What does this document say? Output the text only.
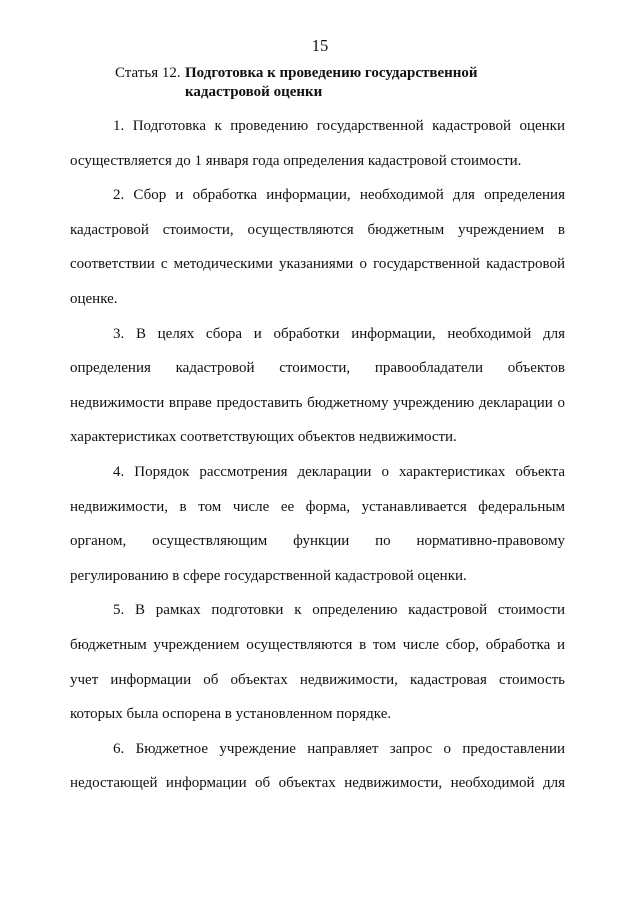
15
Статья 12. Подготовка к проведению государственной кадастровой оценки

1. Подготовка к проведению государственной кадастровой оценки осуществляется до 1 января года определения кадастровой стоимости.

2. Сбор и обработка информации, необходимой для определения кадастровой стоимости, осуществляются бюджетным учреждением в соответствии с методическими указаниями о государственной кадастровой оценке.

3. В целях сбора и обработки информации, необходимой для определения кадастровой стоимости, правообладатели объектов недвижимости вправе предоставить бюджетному учреждению декларации о характеристиках соответствующих объектов недвижимости.

4. Порядок рассмотрения декларации о характеристиках объекта недвижимости, в том числе ее форма, устанавливается федеральным органом, осуществляющим функции по нормативно-правовому регулированию в сфере государственной кадастровой оценки.

5. В рамках подготовки к определению кадастровой стоимости бюджетным учреждением осуществляются в том числе сбор, обработка и учет информации об объектах недвижимости, кадастровая стоимость которых была оспорена в установленном порядке.

6. Бюджетное учреждение направляет запрос о предоставлении недостающей информации об объектах недвижимости, необходимой для
